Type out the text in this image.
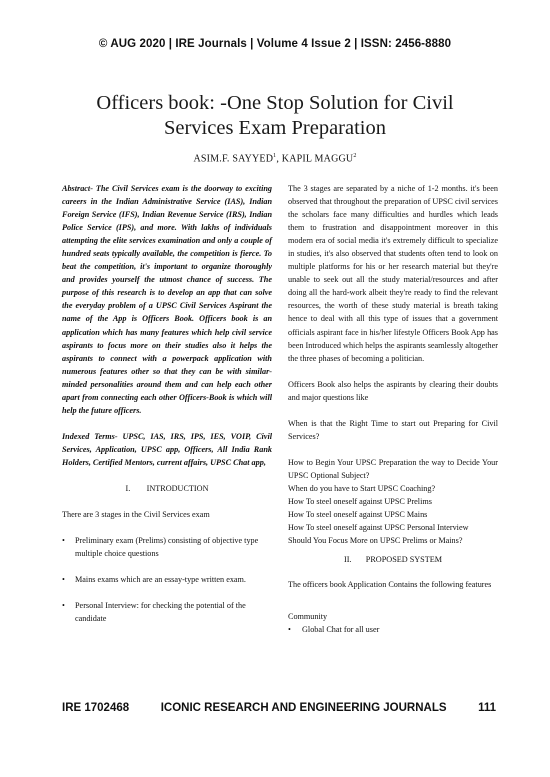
© AUG 2020 | IRE Journals | Volume 4 Issue 2 | ISSN: 2456-8880
Officers book: -One Stop Solution for Civil Services Exam Preparation
ASIM.F. SAYYED$^1$, KAPIL MAGGU$^2$

Abstract- The Civil Services exam is the doorway to exciting careers in the Indian Administrative Service (IAS), Indian Foreign Service (IFS), Indian Revenue Service (IRS), Indian Police Service (IPS), and more. With lakhs of individuals attempting the elite services examination and only a couple of hundred seats typically available, the competition is fierce. To beat the competition, it's important to organize thoroughly and provides yourself the utmost chance of success. The purpose of this research is to develop an app that can solve the everyday problem of a UPSC Civil Services Aspirant the name of the App is Officers Book. Officers book is an application which has many features which help civil service aspirants to focus more on their studies also it helps the aspirants to connect with a powerpack application with numerous features other so that they can be with similar-minded personalities around them and can help each other apart from connecting each other Officers-Book is which will help the future officers.

Indexed Terms- UPSC, IAS, IRS, IPS, IES, VOIP, Civil Services, Application, UPSC app, Officers, All India Rank Holders, Certified Mentors, current affairs, UPSC Chat app,

I.        INTRODUCTION

There are 3 stages in the Civil Services exam

• Preliminary exam (Prelims) consisting of objective type multiple choice questions
• Mains exams which are an essay-type written exam.
• Personal Interview: for checking the potential of the candidate

The 3 stages are separated by a niche of 1-2 months. it's been observed that throughout the preparation of UPSC civil services the scholars face many difficulties and hurdles which leads them to frustration and disappointment moreover in this modern era of social media it's extremely difficult to specialize in studies, it's also observed that students often tend to look on multiple platforms for his or her research material but they're unable to seek out all the study material/resources and after doing all the hard-work albeit they're ready to find the relevant resources, the worth of these study material is breath taking hence to deal with all this type of issues that a government officials aspirant face in his/her lifestyle Officers Book App has been Introduced which helps the aspirants seamlessly altogether the three phases of becoming a politician.

Officers Book also helps the aspirants by clearing their doubts and major questions like

When is that the Right Time to start out Preparing for Civil Services?

How to Begin Your UPSC Preparation the way to Decide Your UPSC Optional Subject?

When do you have to Start UPSC Coaching?

How To steel oneself against UPSC Prelims

How To steel oneself against UPSC Mains

How To steel oneself against UPSC Personal Interview

Should You Focus More on UPSC Prelims or Mains?

II.       PROPOSED SYSTEM

The officers book Application Contains the following features

Community

• Global Chat for all user
IRE 1702468	ICONIC RESEARCH AND ENGINEERING JOURNALS	111
